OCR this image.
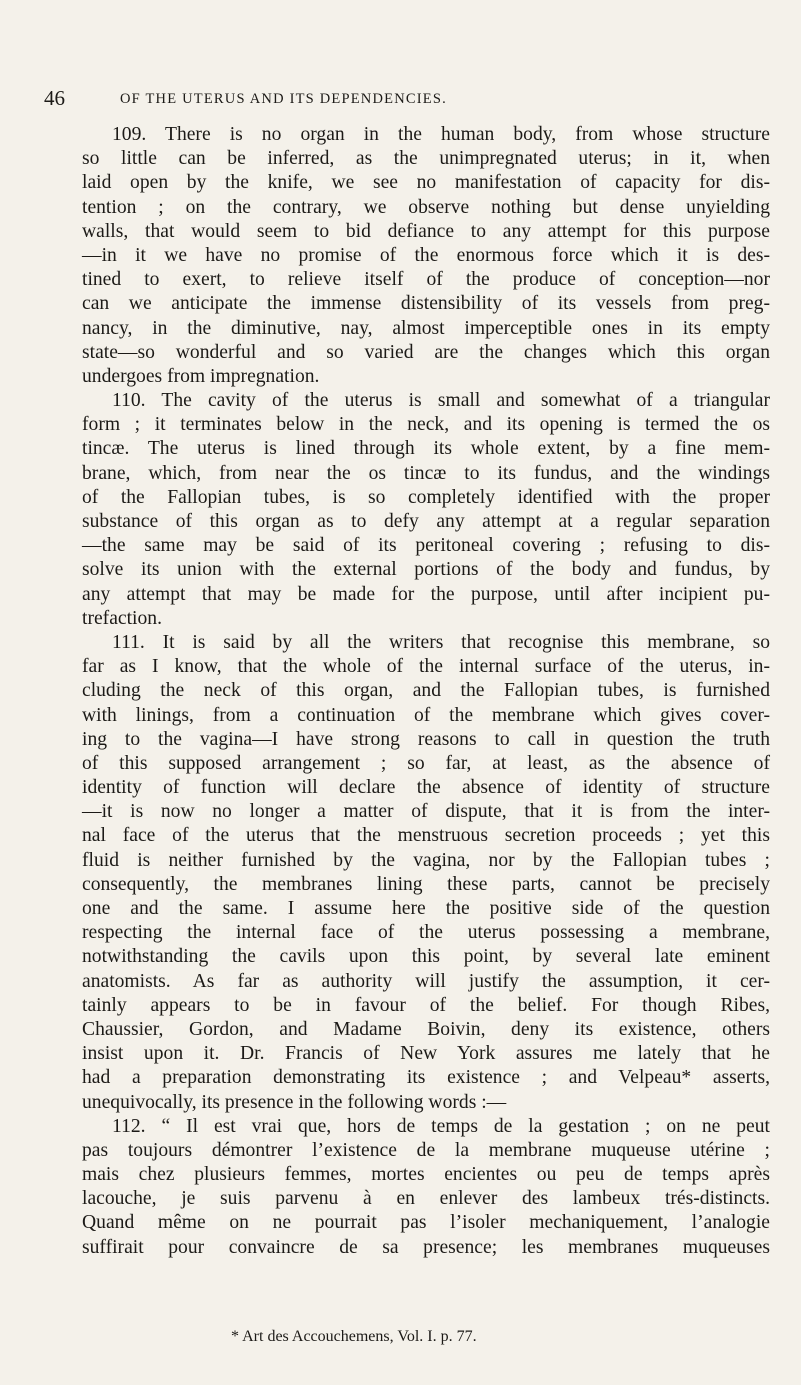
46	OF THE UTERUS AND ITS DEPENDENCIES.
109. There is no organ in the human body, from whose structure
so little can be inferred, as the unimpregnated uterus; in it, when
laid open by the knife, we see no manifestation of capacity for dis-
tention ; on the contrary, we observe nothing but dense unyielding
walls, that would seem to bid defiance to any attempt for this purpose
—in it we have no promise of the enormous force which it is des-
tined to exert, to relieve itself of the produce of conception—nor
can we anticipate the immense distensibility of its vessels from preg-
nancy, in the diminutive, nay, almost imperceptible ones in its empty
state—so wonderful and so varied are the changes which this organ
undergoes from impregnation.
110. The cavity of the uterus is small and somewhat of a triangular
form ; it terminates below in the neck, and its opening is termed the os
tincæ. The uterus is lined through its whole extent, by a fine mem-
brane, which, from near the os tincæ to its fundus, and the windings
of the Fallopian tubes, is so completely identified with the proper
substance of this organ as to defy any attempt at a regular separation
—the same may be said of its peritoneal covering ; refusing to dis-
solve its union with the external portions of the body and fundus, by
any attempt that may be made for the purpose, until after incipient pu-
trefaction.
111. It is said by all the writers that recognise this membrane, so
far as I know, that the whole of the internal surface of the uterus, in-
cluding the neck of this organ, and the Fallopian tubes, is furnished
with linings, from a continuation of the membrane which gives cover-
ing to the vagina—I have strong reasons to call in question the truth
of this supposed arrangement ; so far, at least, as the absence of
identity of function will declare the absence of identity of structure
—it is now no longer a matter of dispute, that it is from the inter-
nal face of the uterus that the menstruous secretion proceeds ; yet this
fluid is neither furnished by the vagina, nor by the Fallopian tubes ;
consequently, the membranes lining these parts, cannot be precisely
one and the same. I assume here the positive side of the question
respecting the internal face of the uterus possessing a membrane,
notwithstanding the cavils upon this point, by several late eminent
anatomists. As far as authority will justify the assumption, it cer-
tainly appears to be in favour of the belief. For though Ribes,
Chaussier, Gordon, and Madame Boivin, deny its existence, others
insist upon it. Dr. Francis of New York assures me lately that he
had a preparation demonstrating its existence ; and Velpeau* asserts,
unequivocally, its presence in the following words :—
112. “ Il est vrai que, hors de temps de la gestation ; on ne peut
pas toujours démontrer l’existence de la membrane muqueuse utérine ;
mais chez plusieurs femmes, mortes encientes ou peu de temps après
lacouche, je suis parvenu à en enlever des lambeux trés-distincts.
Quand même on ne pourrait pas l’isoler mechaniquement, l’analogie
suffirait pour convaincre de sa presence; les membranes muqueuses
* Art des Accouchemens, Vol. I. p. 77.
